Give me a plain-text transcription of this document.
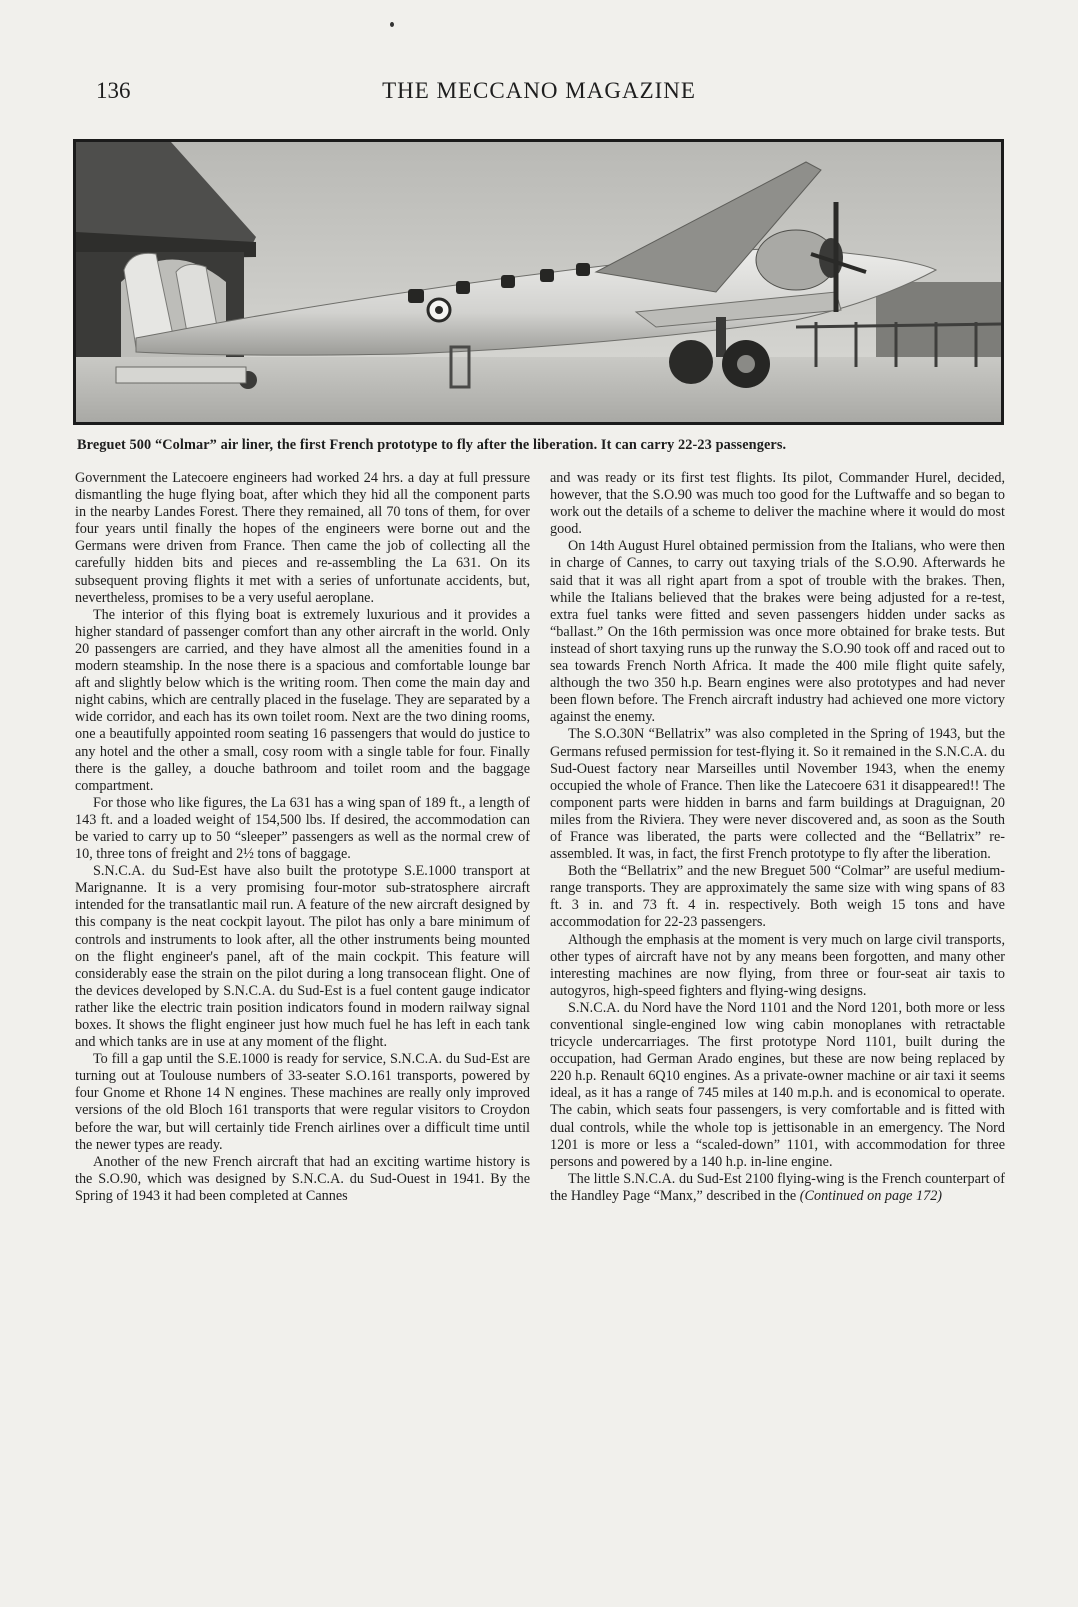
136	THE MECCANO MAGAZINE
Breguet 500 “Colmar” air liner, the first French prototype to fly after the liberation. It can carry 22-23 passengers.

Government the Latecoere engineers had worked 24 hrs. a day at full pressure dismantling the huge flying boat, after which they hid all the component parts in the nearby Landes Forest. There they remained, all 70 tons of them, for over four years until finally the hopes of the engineers were borne out and the Germans were driven from France. Then came the job of collecting all the carefully hidden bits and pieces and re-assembling the La 631. On its subsequent proving flights it met with a series of unfortunate accidents, but, nevertheless, promises to be a very useful aeroplane.

The interior of this flying boat is extremely luxurious and it provides a higher standard of passenger comfort than any other aircraft in the world. Only 20 passengers are carried, and they have almost all the amenities found in a modern steamship. In the nose there is a spacious and comfortable lounge bar aft and slightly below which is the writing room. Then come the main day and night cabins, which are centrally placed in the fuselage. They are separated by a wide corridor, and each has its own toilet room. Next are the two dining rooms, one a beautifully appointed room seating 16 passengers that would do justice to any hotel and the other a small, cosy room with a single table for four. Finally there is the galley, a douche bathroom and toilet room and the baggage compartment.

For those who like figures, the La 631 has a wing span of 189 ft., a length of 143 ft. and a loaded weight of 154,500 lbs. If desired, the accommodation can be varied to carry up to 50 “sleeper” passengers as well as the normal crew of 10, three tons of freight and 2½ tons of baggage.

S.N.C.A. du Sud-Est have also built the prototype S.E.1000 transport at Marignanne. It is a very promising four-motor sub-stratosphere aircraft intended for the transatlantic mail run. A feature of the new aircraft designed by this company is the neat cockpit layout. The pilot has only a bare minimum of controls and instruments to look after, all the other instruments being mounted on the flight engineer's panel, aft of the main cockpit. This feature will considerably ease the strain on the pilot during a long transocean flight. One of the devices developed by S.N.C.A. du Sud-Est is a fuel content gauge indicator rather like the electric train position indicators found in modern railway signal boxes. It shows the flight engineer just how much fuel he has left in each tank and which tanks are in use at any moment of the flight.

To fill a gap until the S.E.1000 is ready for service, S.N.C.A. du Sud-Est are turning out at Toulouse numbers of 33-seater S.O.161 transports, powered by four Gnome et Rhone 14 N engines. These machines are really only improved versions of the old Bloch 161 transports that were regular visitors to Croydon before the war, but will certainly tide French airlines over a difficult time until the newer types are ready.

Another of the new French aircraft that had an exciting wartime history is the S.O.90, which was designed by S.N.C.A. du Sud-Ouest in 1941. By the Spring of 1943 it had been completed at Cannes

and was ready or its first test flights. Its pilot, Commander Hurel, decided, however, that the S.O.90 was much too good for the Luftwaffe and so began to work out the details of a scheme to deliver the machine where it would do most good.

On 14th August Hurel obtained permission from the Italians, who were then in charge of Cannes, to carry out taxying trials of the S.O.90. Afterwards he said that it was all right apart from a spot of trouble with the brakes. Then, while the Italians believed that the brakes were being adjusted for a re-test, extra fuel tanks were fitted and seven passengers hidden under sacks as “ballast.” On the 16th permission was once more obtained for brake tests. But instead of short taxying runs up the runway the S.O.90 took off and raced out to sea towards French North Africa. It made the 400 mile flight quite safely, although the two 350 h.p. Bearn engines were also prototypes and had never been flown before. The French aircraft industry had achieved one more victory against the enemy.

The S.O.30N “Bellatrix” was also completed in the Spring of 1943, but the Germans refused permission for test-flying it. So it remained in the S.N.C.A. du Sud-Ouest factory near Marseilles until November 1943, when the enemy occupied the whole of France. Then like the Latecoere 631 it disappeared!! The component parts were hidden in barns and farm buildings at Draguignan, 20 miles from the Riviera. They were never discovered and, as soon as the South of France was liberated, the parts were collected and the “Bellatrix” re-assembled. It was, in fact, the first French prototype to fly after the liberation.

Both the “Bellatrix” and the new Breguet 500 “Colmar” are useful medium-range transports. They are approximately the same size with wing spans of 83 ft. 3 in. and 73 ft. 4 in. respectively. Both weigh 15 tons and have accommodation for 22-23 passengers.

Although the emphasis at the moment is very much on large civil transports, other types of aircraft have not by any means been forgotten, and many other interesting machines are now flying, from three or four-seat air taxis to autogyros, high-speed fighters and flying-wing designs.

S.N.C.A. du Nord have the Nord 1101 and the Nord 1201, both more or less conventional single-engined low wing cabin monoplanes with retractable tricycle undercarriages. The first prototype Nord 1101, built during the occupation, had German Arado engines, but these are now being replaced by 220 h.p. Renault 6Q10 engines. As a private-owner machine or air taxi it seems ideal, as it has a range of 745 miles at 140 m.p.h. and is economical to operate. The cabin, which seats four passengers, is very comfortable and is fitted with dual controls, while the whole top is jettisonable in an emergency. The Nord 1201 is more or less a “scaled-down” 1101, with accommodation for three persons and powered by a 140 h.p. in-line engine.

The little S.N.C.A. du Sud-Est 2100 flying-wing is the French counterpart of the Handley Page “Manx,” described in the (Continued on page 172)
